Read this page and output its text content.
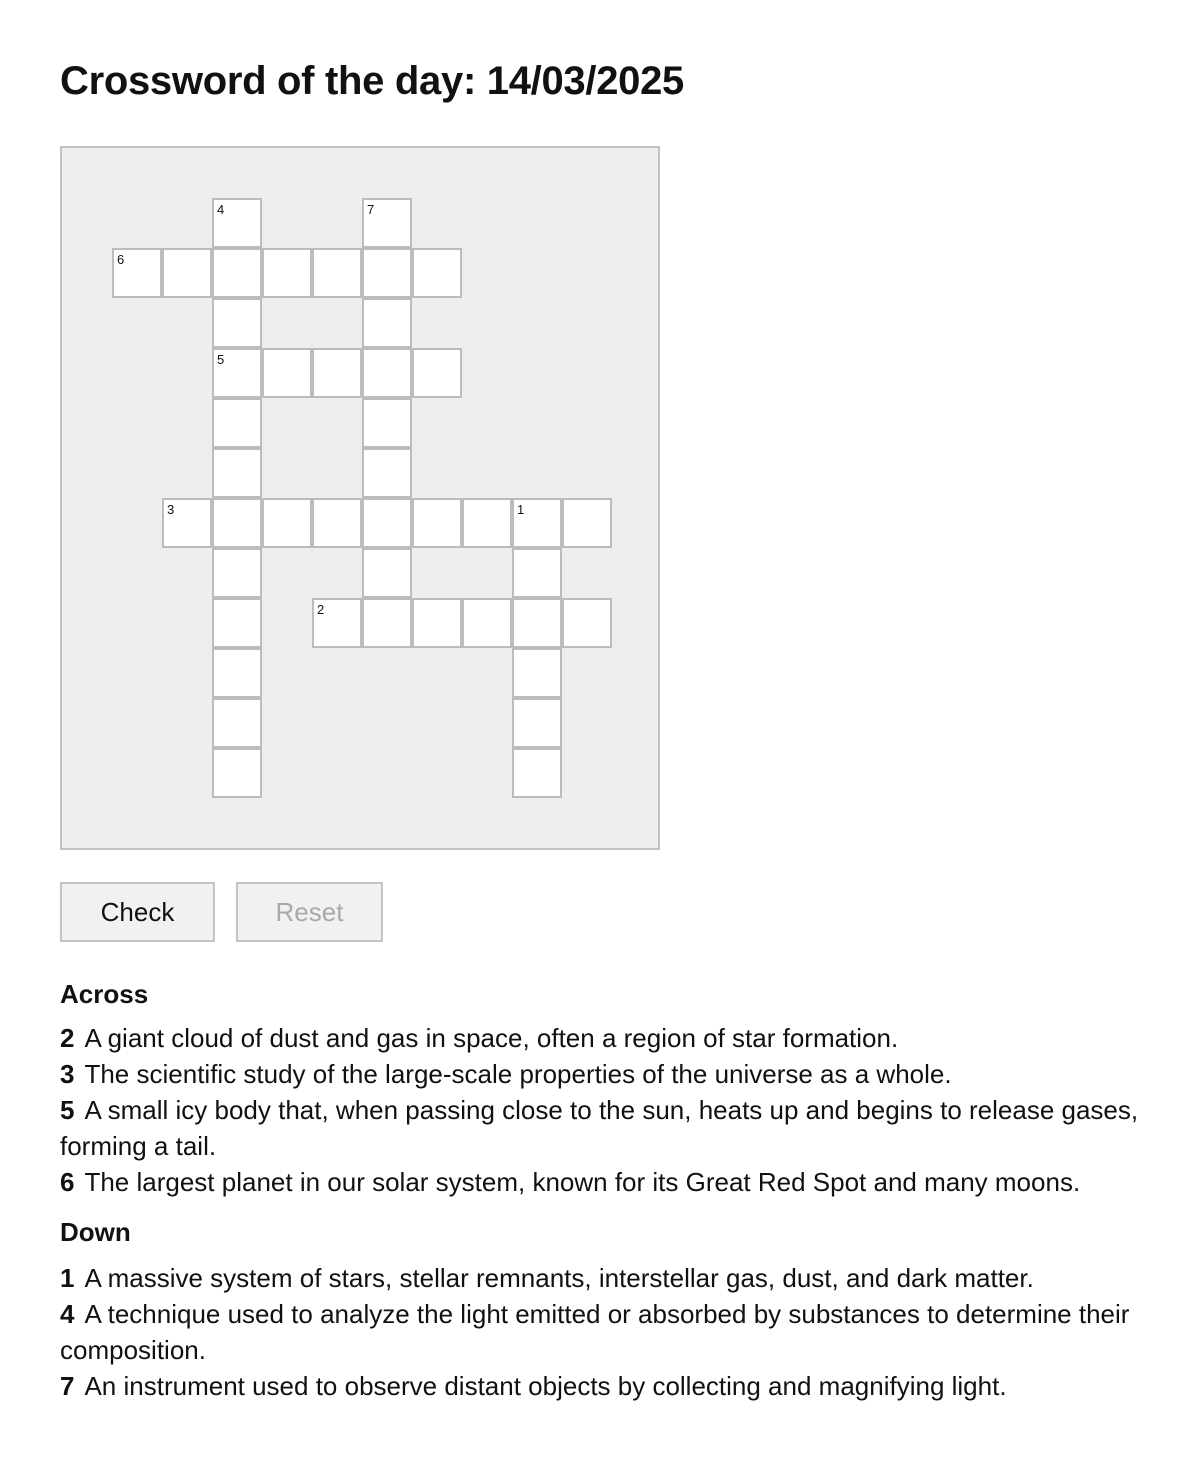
Crossword of the day: 14/03/2025
4	7
6
5
3	1
2
Check	Reset
Across
2 A giant cloud of dust and gas in space, often a region of star formation.
3 The scientific study of the large-scale properties of the universe as a whole.
5 A small icy body that, when passing close to the sun, heats up and begins to release gases, forming a tail.
6 The largest planet in our solar system, known for its Great Red Spot and many moons.
Down
1 A massive system of stars, stellar remnants, interstellar gas, dust, and dark matter.
4 A technique used to analyze the light emitted or absorbed by substances to determine their composition.
7 An instrument used to observe distant objects by collecting and magnifying light.
